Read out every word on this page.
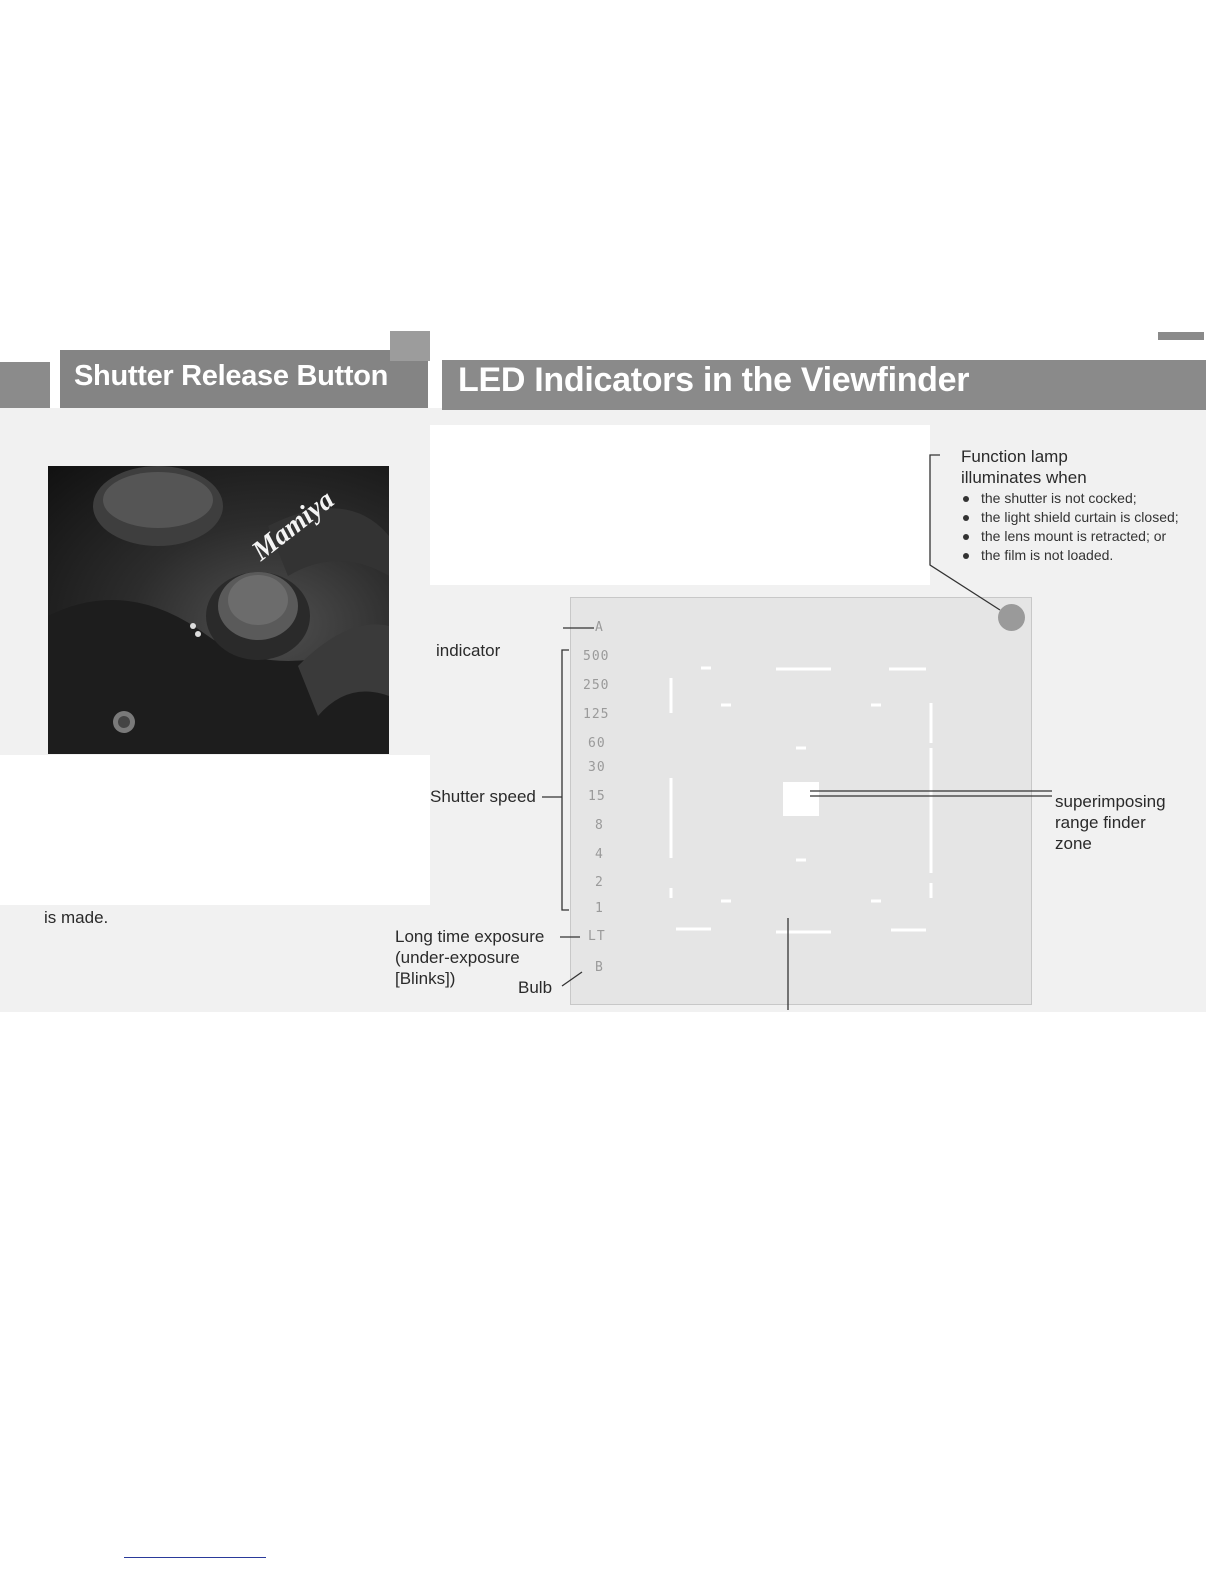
Shutter Release Button LED Indicators in the Viewfinder
Mamiya
is made.
Function lamp
illuminates when
the shutter is not cocked;
the light shield curtain is closed;
the lens mount is retracted; or
the film is not loaded.
A
500
250
125
60
30
15
8
4
2
1
LT
B
indicator
Shutter speed
Long time exposure
(under-exposure
[Blinks])	Bulb
superimposing
range finder
zone
